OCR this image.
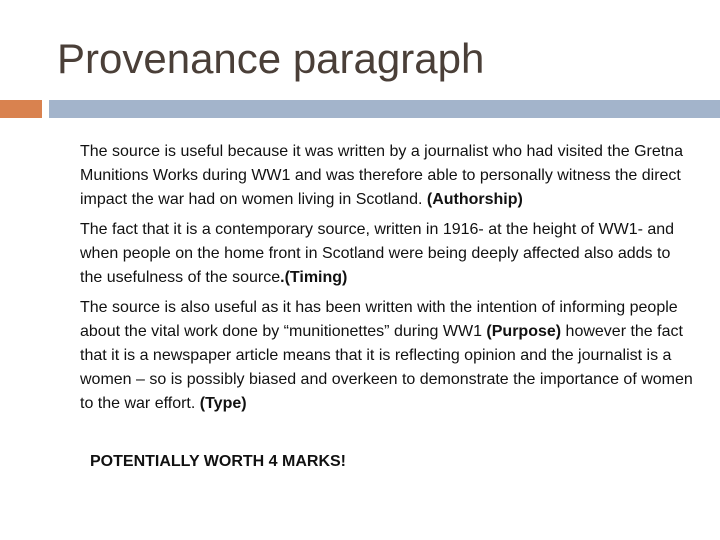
Provenance paragraph

The source is useful because it was written by a journalist who had visited the Gretna Munitions Works during WW1 and was therefore able to personally witness the direct impact the war had on women living in Scotland. (Authorship)

The fact that it is a contemporary source, written in 1916- at the height of WW1- and when people on the home front in Scotland were being deeply affected also adds to the usefulness of the source.(Timing)

The source is also useful as it has been written with the intention of informing people about the vital work done by “munitionettes” during WW1 (Purpose) however the fact that it is a newspaper article means that it is reflecting opinion and the journalist is a women – so is possibly biased and overkeen to demonstrate the importance of women to the war effort. (Type)

POTENTIALLY WORTH 4 MARKS!
